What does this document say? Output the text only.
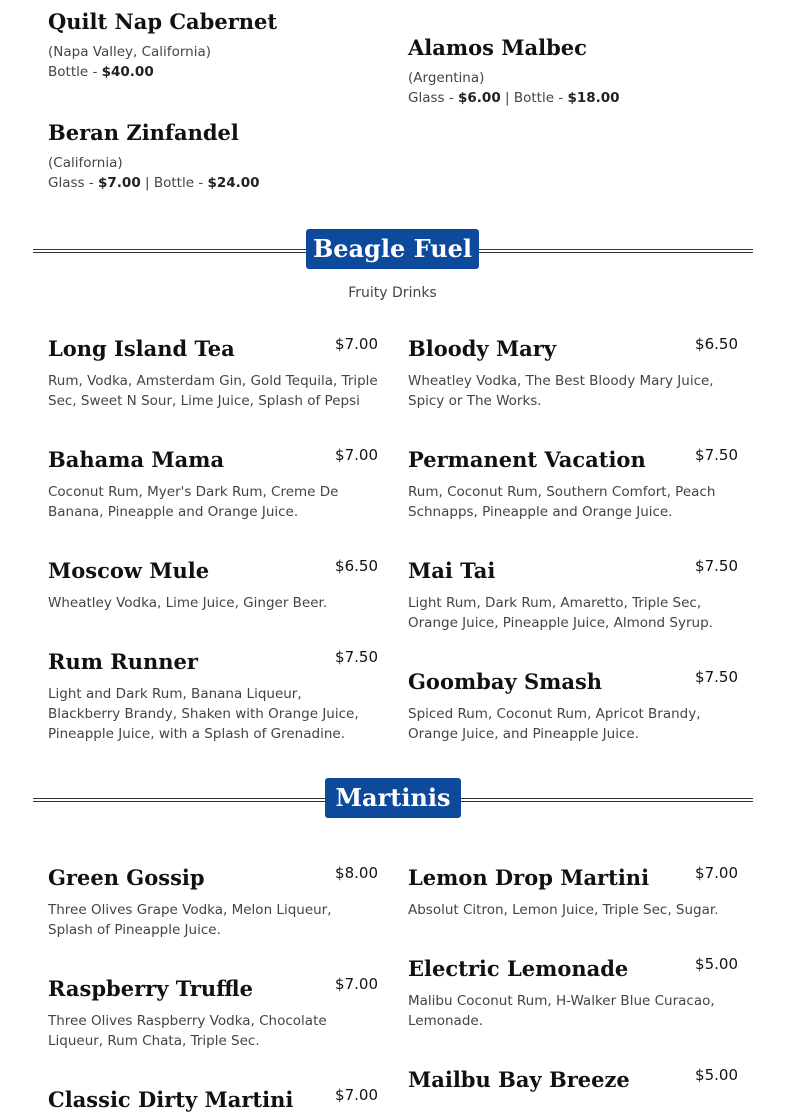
Quilt Nap Cabernet
(Napa Valley, California)
Bottle - $40.00
Alamos Malbec
(Argentina)
Glass - $6.00 | Bottle - $18.00
Beran Zinfandel
(California)
Glass - $7.00 | Bottle - $24.00
Beagle Fuel
Fruity Drinks
Long Island Tea	$7.00
Rum, Vodka, Amsterdam Gin, Gold Tequila, Triple Sec, Sweet N Sour, Lime Juice, Splash of Pepsi
Bloody Mary	$6.50
Wheatley Vodka, The Best Bloody Mary Juice, Spicy or The Works.
Bahama Mama	$7.00
Coconut Rum, Myer's Dark Rum, Creme De Banana, Pineapple and Orange Juice.
Permanent Vacation	$7.50
Rum, Coconut Rum, Southern Comfort, Peach Schnapps, Pineapple and Orange Juice.
Moscow Mule	$6.50
Wheatley Vodka, Lime Juice, Ginger Beer.
Mai Tai	$7.50
Light Rum, Dark Rum, Amaretto, Triple Sec, Orange Juice, Pineapple Juice, Almond Syrup.
Rum Runner	$7.50
Light and Dark Rum, Banana Liqueur, Blackberry Brandy, Shaken with Orange Juice, Pineapple Juice, with a Splash of Grenadine.
Goombay Smash	$7.50
Spiced Rum, Coconut Rum, Apricot Brandy, Orange Juice, and Pineapple Juice.
Martinis
Green Gossip	$8.00
Three Olives Grape Vodka, Melon Liqueur, Splash of Pineapple Juice.
Lemon Drop Martini	$7.00
Absolut Citron, Lemon Juice, Triple Sec, Sugar.
Raspberry Truffle	$7.00
Three Olives Raspberry Vodka, Chocolate Liqueur, Rum Chata, Triple Sec.
Electric Lemonade	$5.00
Malibu Coconut Rum, H-Walker Blue Curacao, Lemonade.
Classic Dirty Martini	$7.00
Mailbu Bay Breeze	$5.00
